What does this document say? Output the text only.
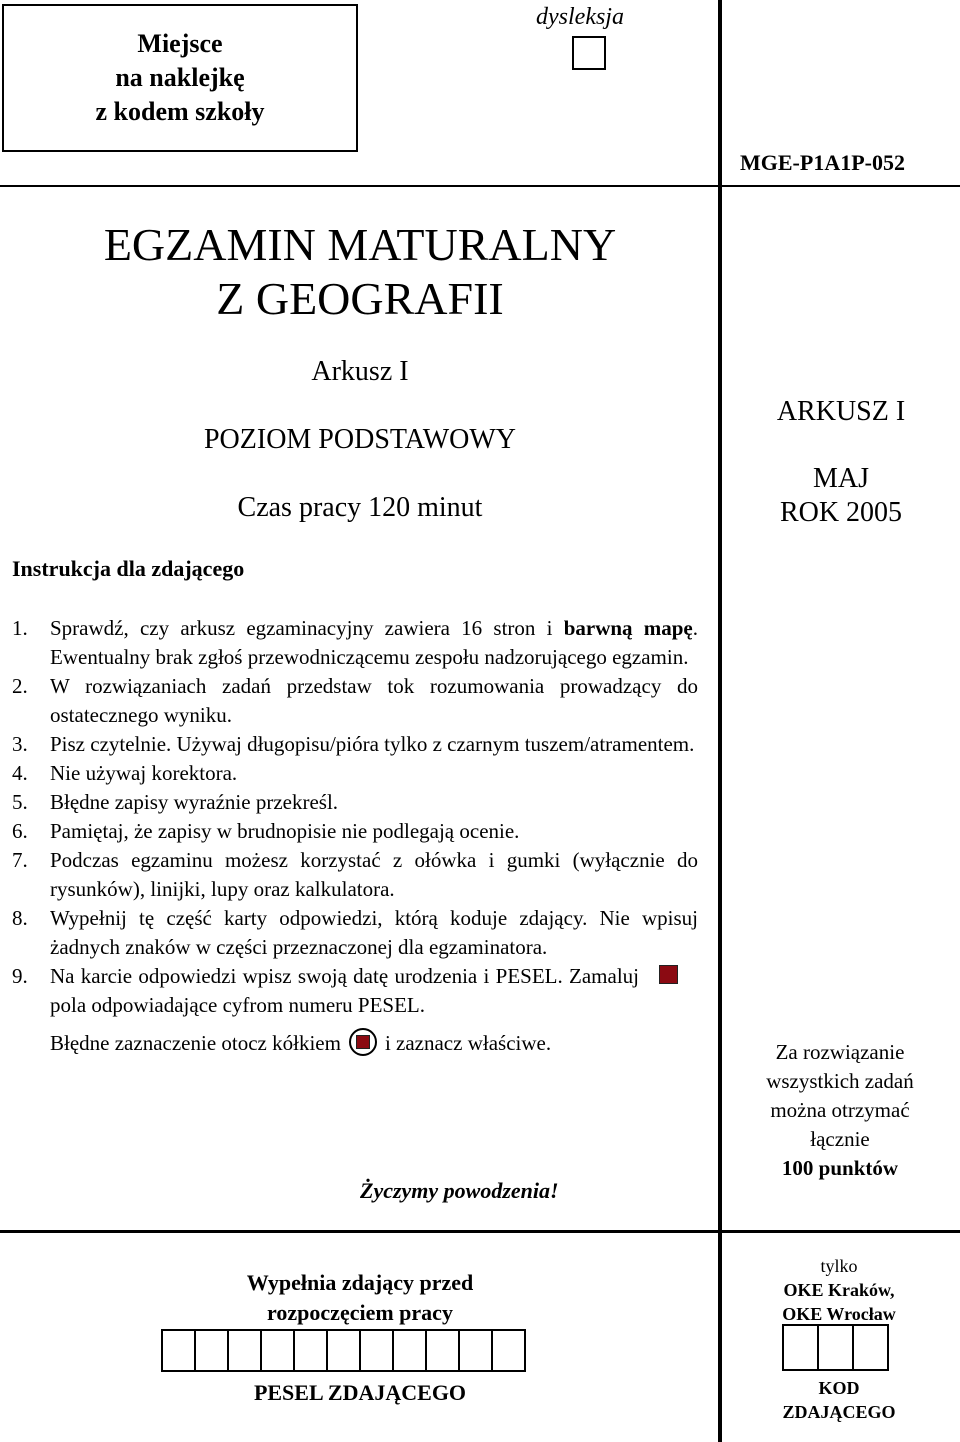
Miejsce
na naklejkę
z kodem szkoły
dysleksja
MGE-P1A1P-052
EGZAMIN MATURALNY
Z GEOGRAFII
Arkusz I
POZIOM PODSTAWOWY
Czas pracy 120 minut
ARKUSZ I
MAJ
ROK 2005
Instrukcja dla zdającego
1.	Sprawdź, czy arkusz egzaminacyjny zawiera 16 stron i barwną mapę. Ewentualny brak zgłoś przewodniczącemu zespołu nadzorującego egzamin.
2.	W rozwiązaniach zadań przedstaw tok rozumowania prowadzący do ostatecznego wyniku.
3.	Pisz czytelnie. Używaj długopisu/pióra tylko z czarnym tuszem/atramentem.
4.	Nie używaj korektora.
5.	Błędne zapisy wyraźnie przekreśl.
6.	Pamiętaj, że zapisy w brudnopisie nie podlegają ocenie.
7.	Podczas egzaminu możesz korzystać z ołówka i gumki (wyłącznie do rysunków), linijki, lupy oraz kalkulatora.
8.	Wypełnij tę część karty odpowiedzi, którą koduje zdający. Nie wpisuj żadnych znaków w części przeznaczonej dla egzaminatora.
9.	Na karcie odpowiedzi wpisz swoją datę urodzenia i PESEL. Zamalujpola odpowiadające cyfrom numeru PESEL.
Błędne zaznaczenie otocz kółkiem i zaznacz właściwe.
Życzymy powodzenia!
Za rozwiązanie
wszystkich zadań
można otrzymać
łącznie
100 punktów
Wypełnia zdający przed
rozpoczęciem pracy
PESEL ZDAJĄCEGO
tylko
OKE Kraków,
OKE Wrocław
KOD
ZDAJĄCEGO
